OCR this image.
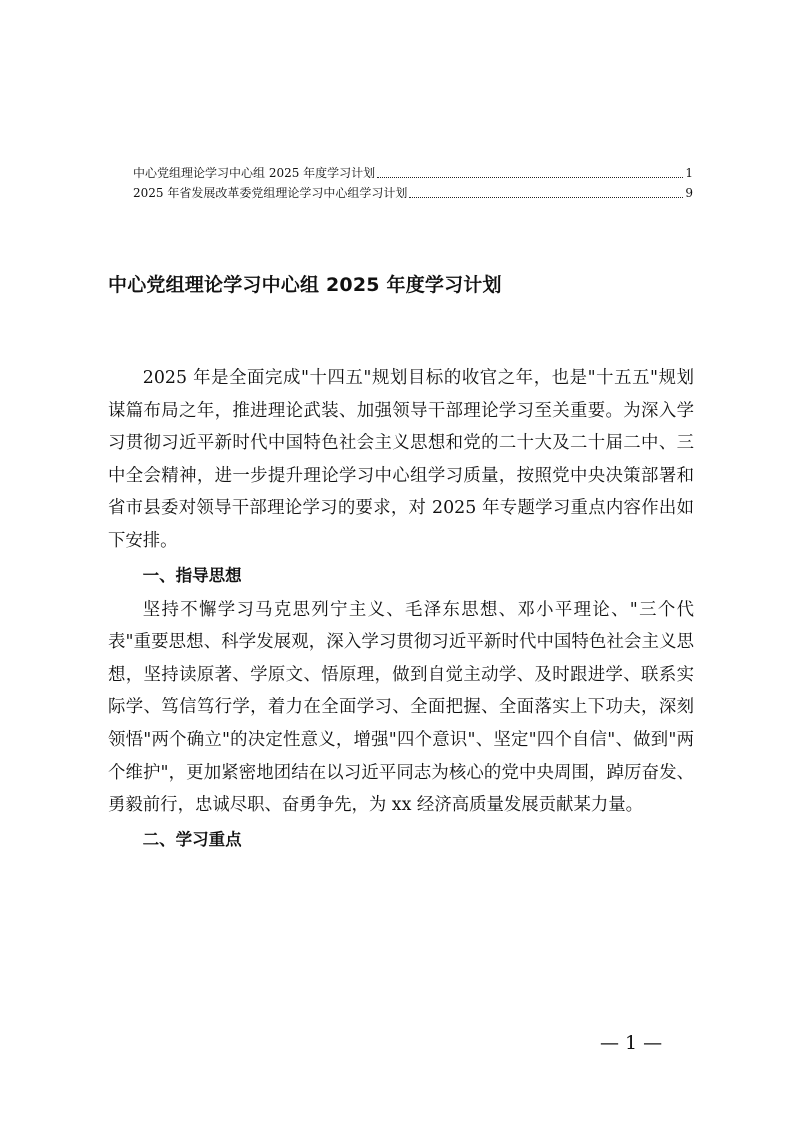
中心党组理论学习中心组 2025 年度学习计划	1
2025 年省发展改革委党组理论学习中心组学习计划	9
中心党组理论学习中心组 2025 年度学习计划

2025 年是全面完成"十四五"规划目标的收官之年，也是"十五五"规划谋篇布局之年，推进理论武装、加强领导干部理论学习至关重要。为深入学习贯彻习近平新时代中国特色社会主义思想和党的二十大及二十届二中、三中全会精神，进一步提升理论学习中心组学习质量，按照党中央决策部署和省市县委对领导干部理论学习的要求，对 2025 年专题学习重点内容作出如下安排。

一、指导思想

坚持不懈学习马克思列宁主义、毛泽东思想、邓小平理论、"三个代表"重要思想、科学发展观，深入学习贯彻习近平新时代中国特色社会主义思想，坚持读原著、学原文、悟原理，做到自觉主动学、及时跟进学、联系实际学、笃信笃行学，着力在全面学习、全面把握、全面落实上下功夫，深刻领悟"两个确立"的决定性意义，增强"四个意识"、坚定"四个自信"、做到"两个维护"，更加紧密地团结在以习近平同志为核心的党中央周围，踔厉奋发、勇毅前行，忠诚尽职、奋勇争先，为 xx 经济高质量发展贡献某力量。

二、学习重点

— 1 —
